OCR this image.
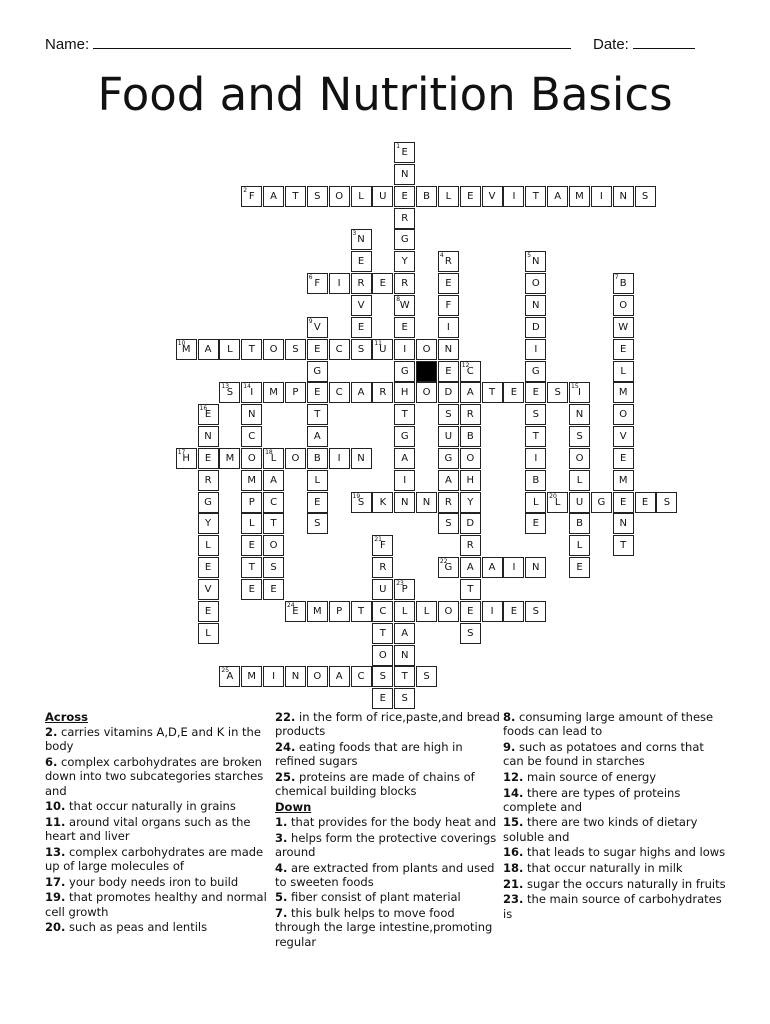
Name:	Date:
Food and Nutrition Basics
E
1
N
E
R
G
Y
F
2
A	T	S	O	L	U	B	L	E	V	I	T	A	M	I	N	S
N
3
E
R
V
E
S
R
4
E
F
I
N
E
D
S
U
G
A
R
S
N
5
O
N
D
I
G
E
S
T
I
B
L
E
F
6
I	E	R	B
7
O
W
E
L
M
O
V
E
M
E
N
T
W
8
E
I
G
H
T
G
A
I
N
V
9
E
G
E
T
A
B
L
E
S
M
10
A	L	T	O	S	U
11
C	O
C
12
A
R
B
O
H
Y
D
R
A
T
E
S
S
13
I
14
M	P	C	A	R	O	T	E	S	I
15
N
S
O
L
U
B
L
E
N
C
O
M
P
L
E
T
E
E
16
N
E
R
G
Y
L
E
V
E
L
H
17
M	L
18
O	I	N
A
C
T
O
S
E
S
19
K	N	L
20
G	E	S
F
21
R
U
C
T
O
S
E
G
22
A	I	N
P
23
L
A
N
T
S
E
24
M	P	T	L	O	I
A
25
M	I	N	O	A	C
E	S
S
Across
2. carries vitamins A,D,E and K in the body
6. complex carbohydrates are broken down into two subcategories starches and
10. that occur naturally in grains
11. around vital organs such as the heart and liver
13. complex carbohydrates are made up of large molecules of
17. your body needs iron to build
19. that promotes healthy and normal cell growth
20. such as peas and lentils
22. in the form of rice,paste,and bread products
24. eating foods that are high in refined sugars
25. proteins are made of chains of chemical building blocks
Down
1. that provides for the body heat and
3. helps form the protective coverings around
4. are extracted from plants and used to sweeten foods
5. fiber consist of plant material
7. this bulk helps to move food through the large intestine,promoting regular
8. consuming large amount of these foods can lead to
9. such as potatoes and corns that can be found in starches
12. main source of energy
14. there are types of proteins complete and
15. there are two kinds of dietary soluble and
16. that leads to sugar highs and lows
18. that occur naturally in milk
21. sugar the occurs naturally in fruits
23. the main source of carbohydrates is
